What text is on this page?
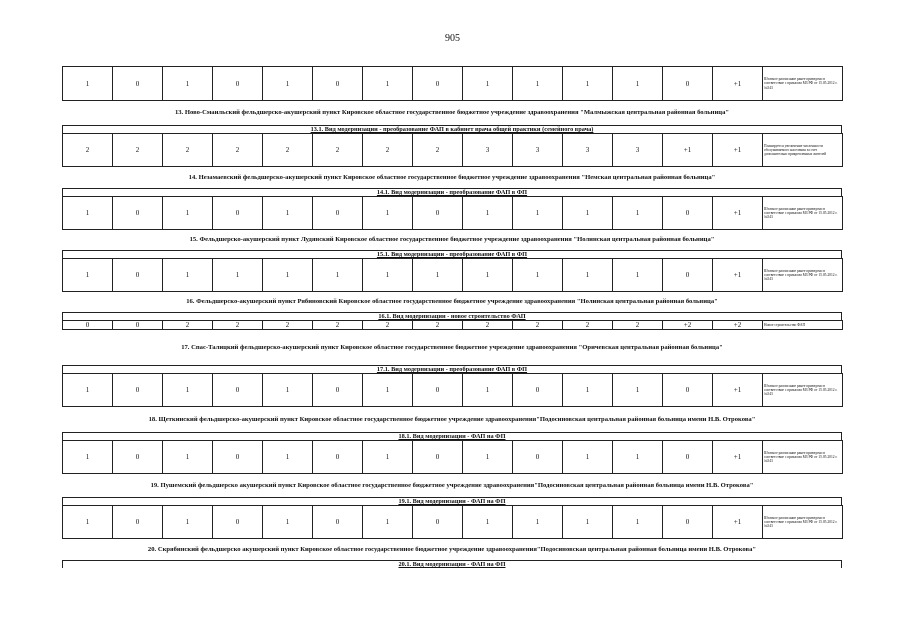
905
1	0	1	0	1	0	1	0	1	1	1	1	0	+1	Штатное расписание ранее приведено в соответствие с приказом МЗ РФ от 15.05.2012 г. №543
13. Ново-Смаильский фельдшерско-акушерский пункт Кировское областное государственное бюджетное учреждение здравоохранения "Малмыжская центральная районная больница"
13.1. Вид модернизации - преобразование ФАП в кабинет врача общей практики (семейного врача)
2	2	2	2	2	2	2	2	3	3	3	3	+1	+1	Планируется увеличение численности обслуживаемого населения за счет дополнительно прикрепленных жителей
14. Незамаевский фельдшерско-акушерский пункт Кировское областное государственное бюджетное учреждение здравоохранения "Немская центральная районная больница"
14.1. Вид модернизации - преобразование ФАП в ФП
1	0	1	0	1	0	1	0	1	1	1	1	0	+1	Штатное расписание ранее приведено в соответствие с приказом МЗ РФ от 15.05.2012 г. №543
15. Фельдшерско-акушерский пункт Лудянский Кировское областное государственное бюджетное учреждение здравоохранения "Нолинская центральная районная больница"
15.1. Вид модернизации - преобразование ФАП в ФП
1	0	1	1	1	1	1	1	1	1	1	1	0	+1	Штатное расписание ранее приведено в соответствие с приказом МЗ РФ от 15.05.2012 г. №543
16. Фельдшерско-акушерский пункт Рябиновский Кировское областное государственное бюджетное учреждение здравоохранения "Нолинская центральная районная больница"
16.1. Вид модернизации - новое строительство ФАП
0	0	2	2	2	2	2	2	2	2	2	2	+2	+2	Новое строительство ФАП
17. Спас-Талицкий фельдшерско-акушерский пункт Кировское областное государственное бюджетное учреждение здравоохранения "Оричевская центральная районная больница"
17.1. Вид модернизации - преобразование ФАП в ФП
1	0	1	0	1	0	1	0	1	0	1	1	0	+1	Штатное расписание ранее приведено в соответствие с приказом МЗ РФ от 15.05.2012 г. №543
18. Щеткинский фельдшерско-акушерский пункт Кировское областное государственное бюджетное учреждение здравоохранения"Подосиновская центральная районная больница имени Н.В. Отрокова"
18.1. Вид модернизации - ФАП на ФП
1	0	1	0	1	0	1	0	1	0	1	1	0	+1	Штатное расписание ранее приведено в соответствие с приказом МЗ РФ от 15.05.2012 г. №543
19. Пушемский фельдшерско акушерский пункт Кировское областное государственное бюджетное учреждение здравоохранения"Подосиновская центральная районная больница имени Н.В. Отрокова"
19.1. Вид модернизации - ФАП на ФП
1	0	1	0	1	0	1	0	1	1	1	1	0	+1	Штатное расписание ранее приведено в соответствие с приказом МЗ РФ от 15.05.2012 г. №543
20. Скрябинский фельдшерско акушерский пункт Кировское областное государственное бюджетное учреждение здравоохранения"Подосиновская центральная районная больница имени Н.В. Отрокова"
20.1. Вид модернизации - ФАП на ФП
